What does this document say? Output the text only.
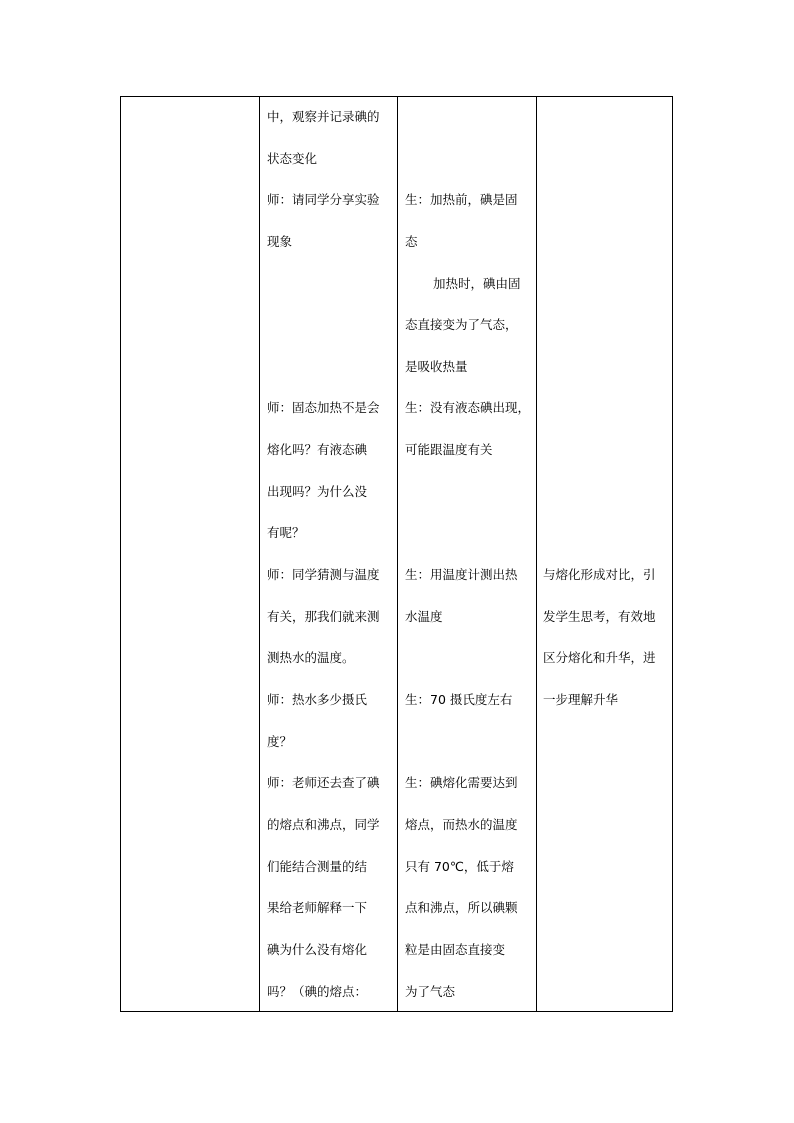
中，观察并记录碘的
状态变化
师：请同学分享实验
现象
师：固态加热不是会
熔化吗？有液态碘
出现吗？为什么没
有呢？
师：同学猜测与温度
有关，那我们就来测
测热水的温度。
师：热水多少摄氏
度？
师：老师还去查了碘
的熔点和沸点，同学
们能结合测量的结
果给老师解释一下
碘为什么没有熔化
吗？（碘的熔点：
生：加热前，碘是固
态
加热时，碘由固
态直接变为了气态，
是吸收热量
生：没有液态碘出现，
可能跟温度有关
生：用温度计测出热
水温度
生：70 摄氏度左右
生：碘熔化需要达到
熔点，而热水的温度
只有 70℃，低于熔
点和沸点，所以碘颗
粒是由固态直接变
为了气态
与熔化形成对比，引
发学生思考，有效地
区分熔化和升华，进
一步理解升华
